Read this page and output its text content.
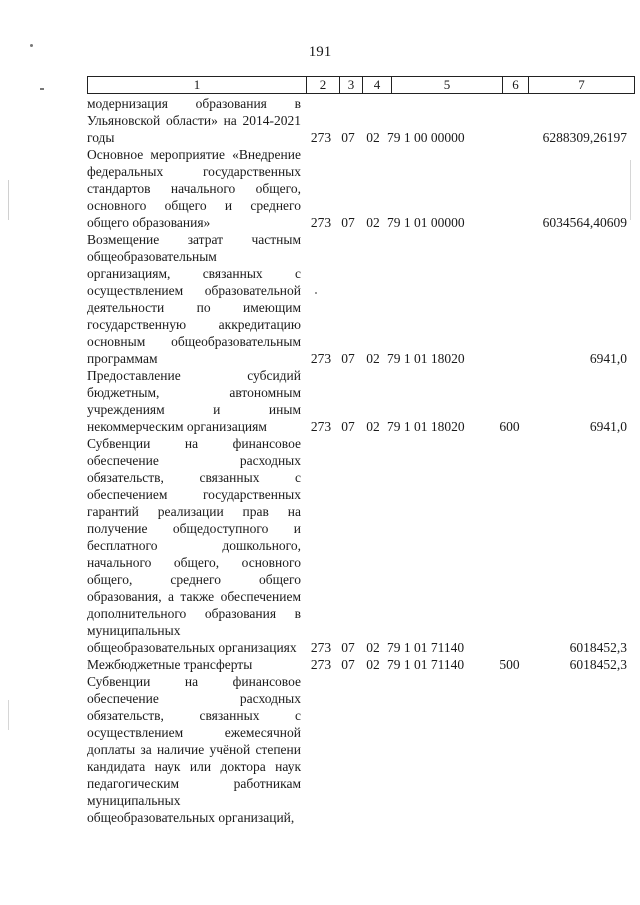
191
1	2	3	4	5	6	7
модернизация образования в Ульяновской области» на 2014-2021 годы	273	07	02	79 1 00 00000		6288309,26197
Основное мероприятие «Внедрение федеральных государственных стандартов начального общего, основного общего и среднего общего образования»	273	07	02	79 1 01 00000		6034564,40609
Возмещение затрат частным общеобразовательным организациям, связанных с осуществлением образовательной деятельности по имеющим государственную аккредитацию основным общеобразовательным программам	273	07	02	79 1 01 18020		6941,0
Предоставление субсидий бюджетным, автономным учреждениям и иным некоммерческим организациям	273	07	02	79 1 01 18020	600	6941,0
Субвенции на финансовое обеспечение расходных обязательств, связанных с обеспечением государственных гарантий реализации прав на получение общедоступного и бесплатного дошкольного, начального общего, основного общего, среднего общего образования, а также обеспечением дополнительного образования в муниципальных общеобразовательных организациях	273	07	02	79 1 01 71140		6018452,3
Межбюджетные трансферты	273	07	02	79 1 01 71140	500	6018452,3
Субвенции на финансовое обеспечение расходных обязательств, связанных с осуществлением ежемесячной доплаты за наличие учёной степени кандидата наук или доктора наук педагогическим работникам муниципальных общеобразовательных организаций,						
